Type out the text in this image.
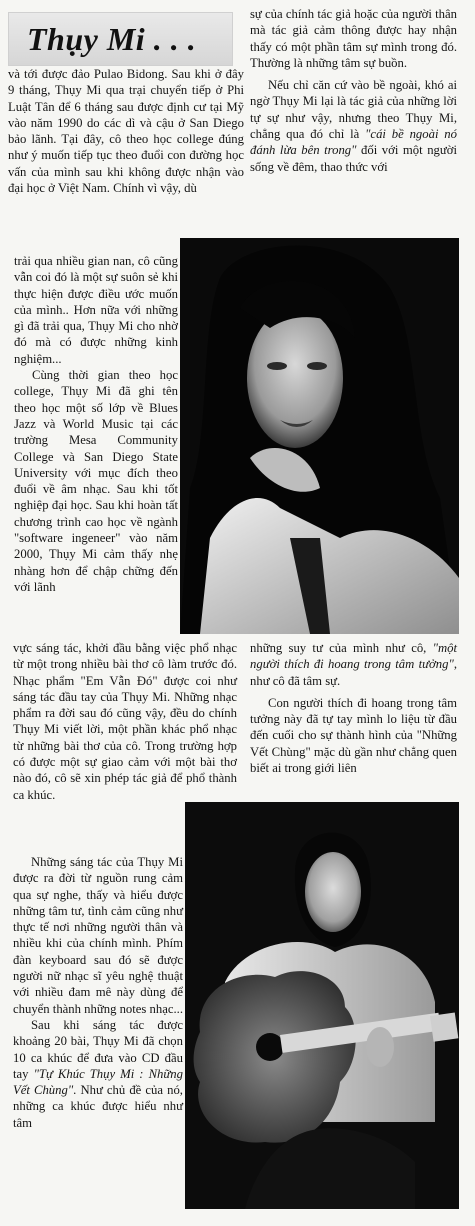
Thụy Mi . . .

và tới được đảo Pulao Bidong. Sau khi ở đây 9 tháng, Thụy Mi qua trại chuyển tiếp ở Phi Luật Tân để 6 tháng sau được định cư tại Mỹ vào năm 1990 do các dì và cậu ở San Diego bảo lãnh. Tại đây, cô theo học college đúng như ý muốn tiếp tục theo đuổi con đường học vấn của mình sau khi không được nhận vào đại học ở Việt Nam. Chính vì vậy, dù

trải qua nhiều gian nan, cô cũng vẫn coi đó là một sự suôn sẻ khi thực hiện được điều ước muốn của mình.. Hơn nữa với những gì đã trải qua, Thụy Mi cho nhờ đó mà có được những kinh nghiệm...

Cùng thời gian theo học college, Thụy Mi đã ghi tên theo học một số lớp về Blues Jazz và World Music tại các trường Mesa Community College và San Diego State University với mục đích theo đuổi về âm nhạc. Sau khi tốt nghiệp đại học. Sau khi hoàn tất chương trình cao học về ngành "software ingeneer" vào năm 2000, Thụy Mi cảm thấy nhẹ nhàng hơn để chập chững đến với lãnh

sự của chính tác giả hoặc của người thân mà tác giả cảm thông được hay nhận thấy có một phần tâm sự mình trong đó. Thường là những tâm sự buồn.

Nếu chỉ căn cứ vào bề ngoài, khó ai ngờ Thụy Mi lại là tác giả của những lời tự sự như vậy, nhưng theo Thụy Mi, chẳng qua đó chỉ là "cái bề ngoài nó đánh lừa bên trong" đối với một người sống về đêm, thao thức với

vực sáng tác, khởi đầu bằng việc phổ nhạc từ một trong nhiều bài thơ cô làm trước đó. Nhạc phẩm "Em Vẫn Đó" được coi như sáng tác đầu tay của Thụy Mi. Những nhạc phẩm ra đời sau đó cũng vậy, đều do chính Thụy Mi viết lời, một phần khác phổ nhạc từ những bài thơ của cô. Trong trường hợp có được một sự giao cảm với một bài thơ nào đó, cô sẽ xin phép tác giả để phổ thành ca khúc.

Những sáng tác của Thụy Mi được ra đời từ nguồn rung cảm qua sự nghe, thấy và hiểu được những tâm tư, tình cảm cũng như thực tế nơi những người thân và nhiều khi của chính mình. Phím đàn keyboard sau đó sẽ được người nữ nhạc sĩ yêu nghệ thuật với nhiều đam mê này dùng để chuyển thành những notes nhạc...

Sau khi sáng tác được khoảng 20 bài, Thụy Mi đã chọn 10 ca khúc để đưa vào CD đầu tay "Tự Khúc Thụy Mi : Những Vết Chùng". Như chủ đề của nó, những ca khúc được hiểu như tâm

những suy tư của mình như cô, "một người thích đi hoang trong tâm tưởng", như cô đã tâm sự.

Con người thích đi hoang trong tâm tưởng này đã tự tay mình lo liệu từ đầu đến cuối cho sự thành hình của "Những Vết Chùng" mặc dù gần như chẳng quen biết ai trong giới liên
